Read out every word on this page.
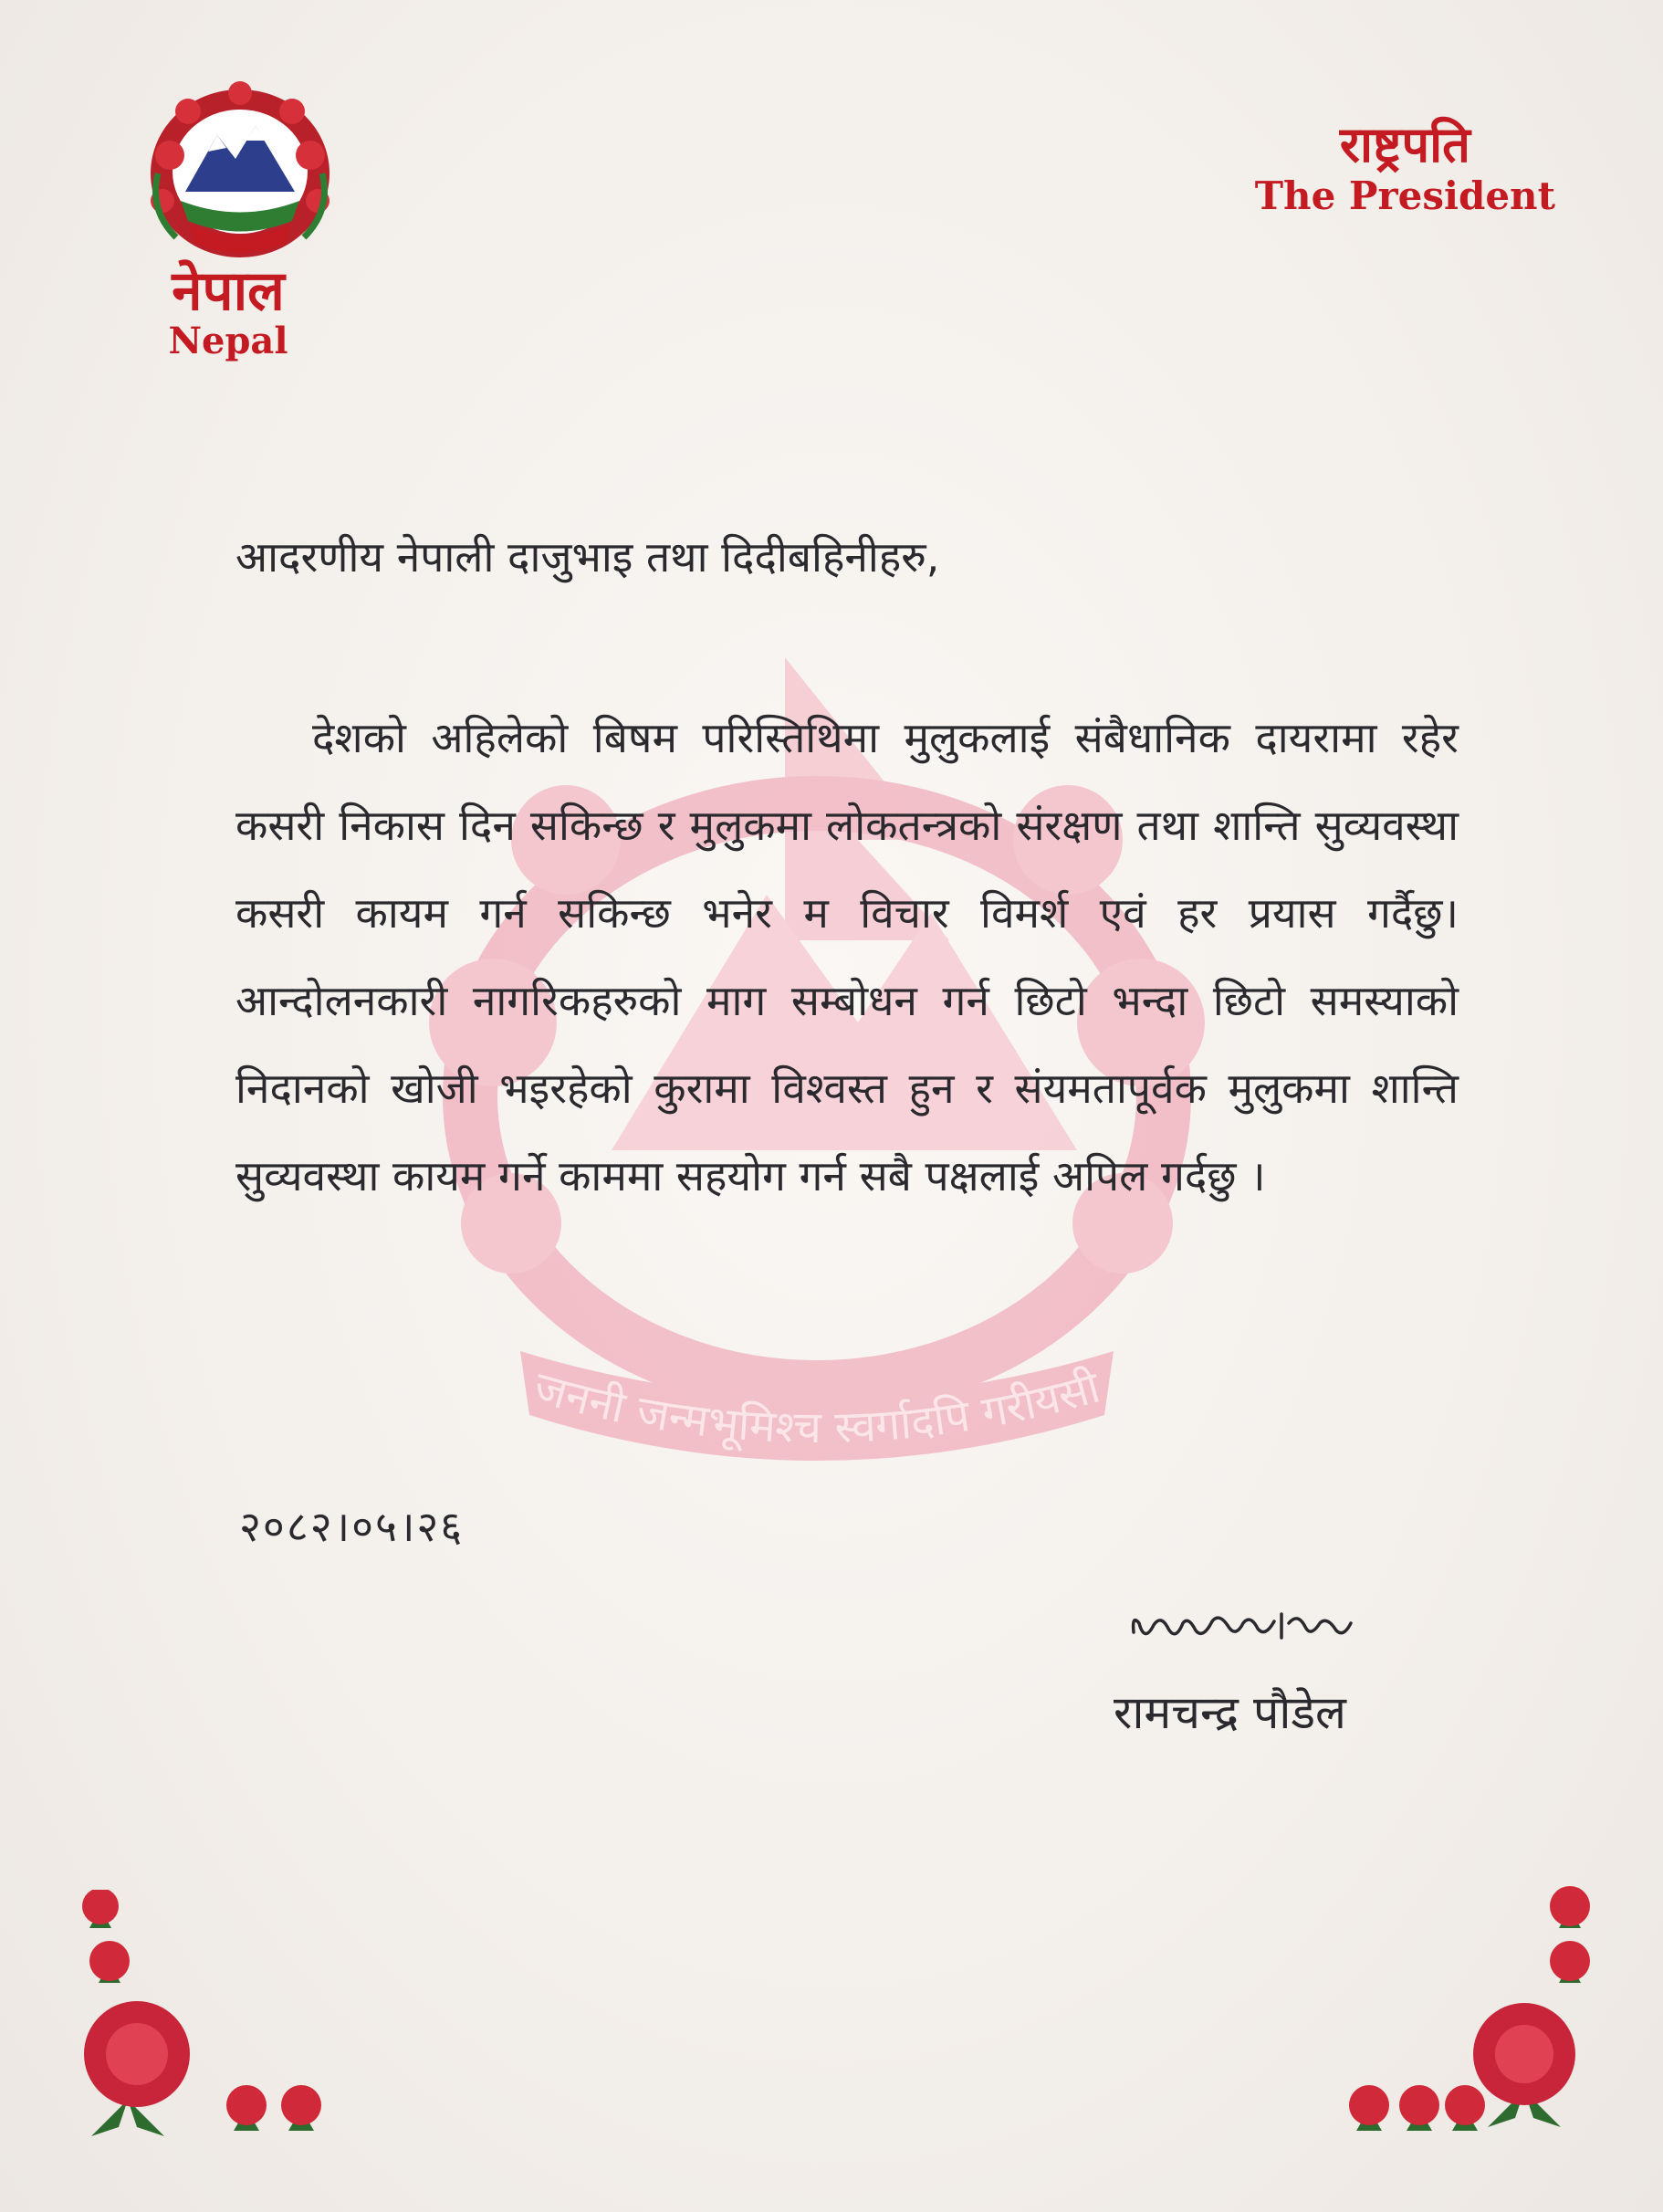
नेपाल
Nepal
राष्ट्रपति
The President
जननी जन्मभूमिश्च स्वर्गादपि गरीयसी
आदरणीय नेपाली दाजुभाइ तथा दिदीबहिनीहरु,
देशको अहिलेको बिषम परिस्तिथिमा मुलुकलाई संबैधानिक दायरामा रहेर कसरी निकास दिन सकिन्छ र मुलुकमा लोकतन्त्रको संरक्षण तथा शान्ति सुव्यवस्था कसरी कायम गर्न सकिन्छ भनेर म विचार विमर्श एवं हर प्रयास गर्दैछु। आन्दोलनकारी नागरिकहरुको माग सम्बोधन गर्न छिटो भन्दा छिटो समस्याको निदानको खोजी भइरहेको कुरामा विश्वस्त हुन र संयमतापूर्वक मुलुकमा शान्ति सुव्यवस्था कायम गर्ने काममा सहयोग गर्न सबै पक्षलाई अपिल गर्दछु ।
२०८२।०५।२६
रामचन्द्र पौडेल
